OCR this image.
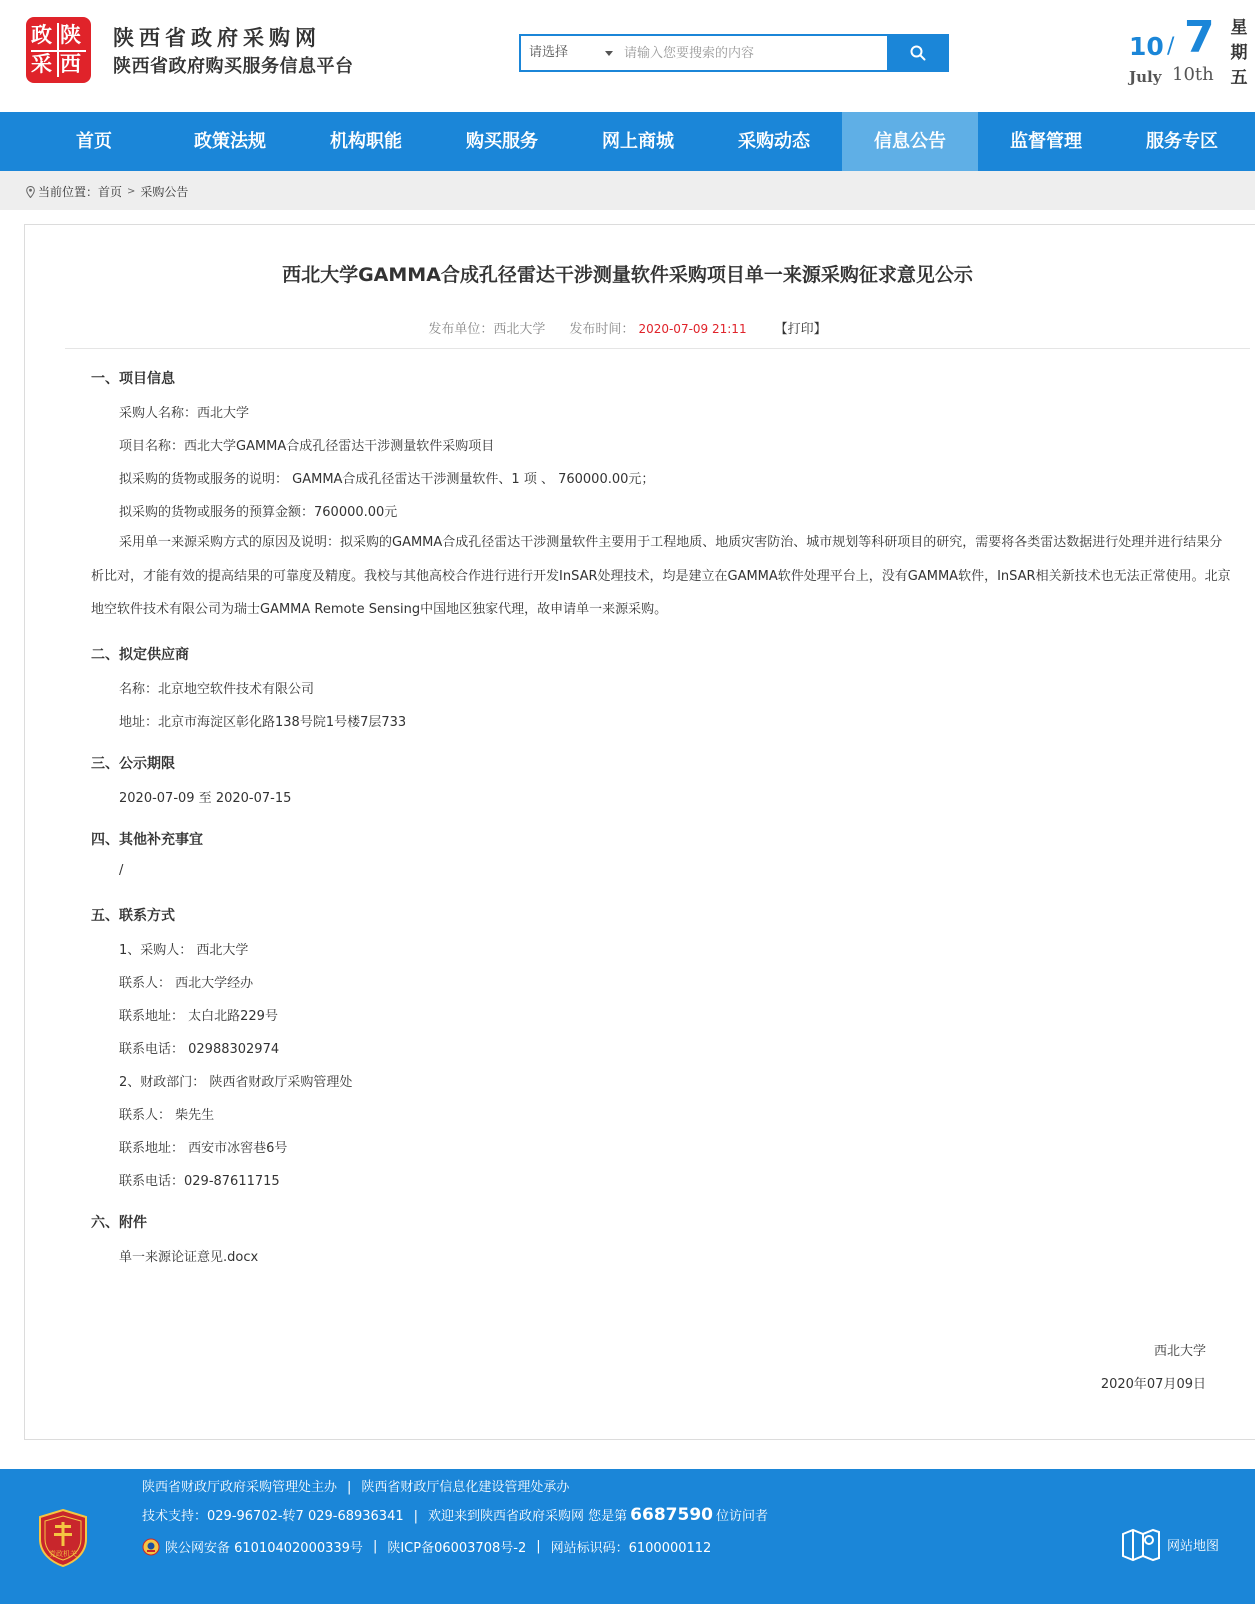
政 陕
采 西
陕西省政府采购网
陕西省政府购买服务信息平台
请选择
请输入您要搜索的内容	10 / 7
July 10th
星
期
五
首页	政策法规	机构职能	购买服务	网上商城	采购动态	信息公告	监督管理	服务专区
当前位置： 首页 > 采购公告
西北大学GAMMA合成孔径雷达干涉测量软件采购项目单一来源采购征求意见公示
发布单位：西北大学 发布时间： 2020-07-09 21:11 【打印】
一、项目信息
采购人名称：西北大学
项目名称：西北大学GAMMA合成孔径雷达干涉测量软件采购项目
拟采购的货物或服务的说明： GAMMA合成孔径雷达干涉测量软件、1 项 、 760000.00元；
拟采购的货物或服务的预算金额：760000.00元
采用单一来源采购方式的原因及说明：拟采购的GAMMA合成孔径雷达干涉测量软件主要用于工程地质、地质灾害防治、城市规划等科研项目的研究，需要将各类雷达数据进行处理并进行结果分析比对，才能有效的提高结果的可靠度及精度。我校与其他高校合作进行进行开发InSAR处理技术，均是建立在GAMMA软件处理平台上，没有GAMMA软件，InSAR相关新技术也无法正常使用。北京地空软件技术有限公司为瑞士GAMMA Remote Sensing中国地区独家代理，故申请单一来源采购。
二、拟定供应商
名称：北京地空软件技术有限公司
地址：北京市海淀区彰化路138号院1号楼7层733
三、公示期限
2020-07-09 至 2020-07-15
四、其他补充事宜
/
五、联系方式
1、采购人： 西北大学
联系人： 西北大学经办
联系地址： 太白北路229号
联系电话： 02988302974
2、财政部门： 陕西省财政厅采购管理处
联系人： 柴先生
联系地址： 西安市冰窖巷6号
联系电话：029-87611715
六、附件
单一来源论证意见.docx
西北大学
2020年07月09日
党政机关
陕西省财政厅政府采购管理处主办 | 陕西省财政厅信息化建设管理处承办
技术支持：029-96702-转7 029-68936341 | 欢迎来到陕西省政府采购网 您是第 6687590 位访问者
陕公网安备 61010402000339号 | 陕ICP备06003708号-2 | 网站标识码：6100000112	网站地图
